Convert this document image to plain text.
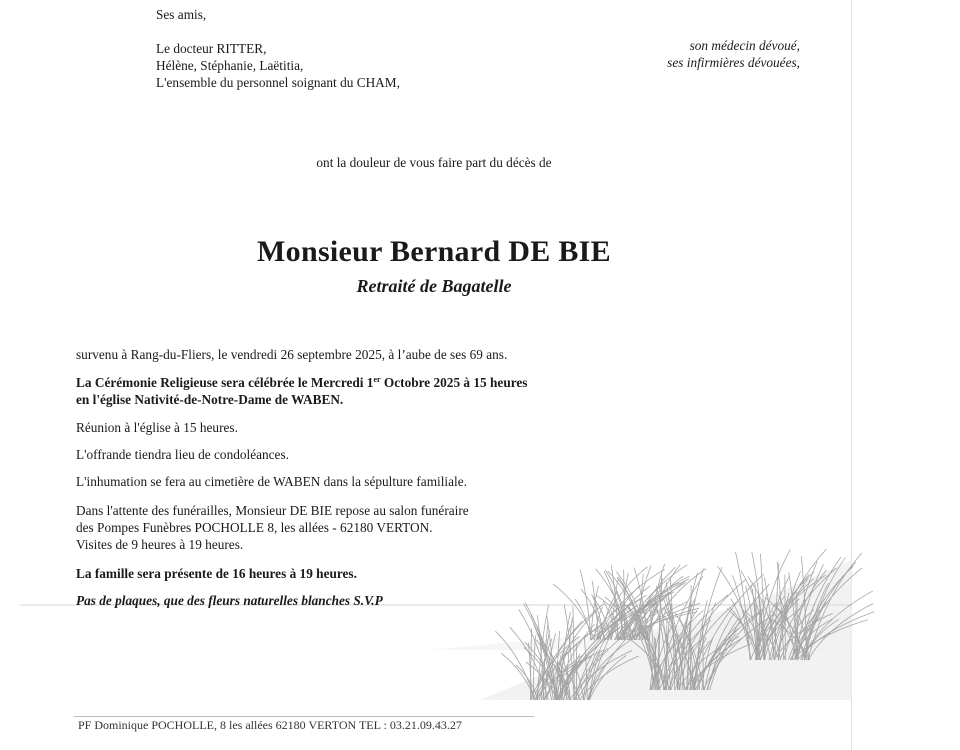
Ses amis,
Le docteur RITTER,
Hélène, Stéphanie, Laëtitia,
L'ensemble du personnel soignant du CHAM,
son médecin dévoué,
ses infirmières dévouées,
ont la douleur de vous faire part du décès de
Monsieur Bernard DE BIE
Retraité de Bagatelle
survenu à Rang-du-Fliers, le vendredi 26 septembre 2025, à l’aube de ses 69 ans.
La Cérémonie Religieuse sera célébrée le Mercredi 1er Octobre 2025 à 15 heures
en l'église Nativité-de-Notre-Dame de WABEN.
Réunion à l'église à 15 heures.
L'offrande tiendra lieu de condoléances.
L'inhumation se fera au cimetière de WABEN dans la sépulture familiale.
Dans l'attente des funérailles, Monsieur DE BIE repose au salon funéraire
des Pompes Funèbres POCHOLLE 8, les allées - 62180 VERTON.
Visites de 9 heures à 19 heures.
La famille sera présente de 16 heures à 19 heures.
Pas de plaques, que des fleurs naturelles blanches S.V.P
PF Dominique POCHOLLE, 8 les allées 62180 VERTON TEL : 03.21.09.43.27
